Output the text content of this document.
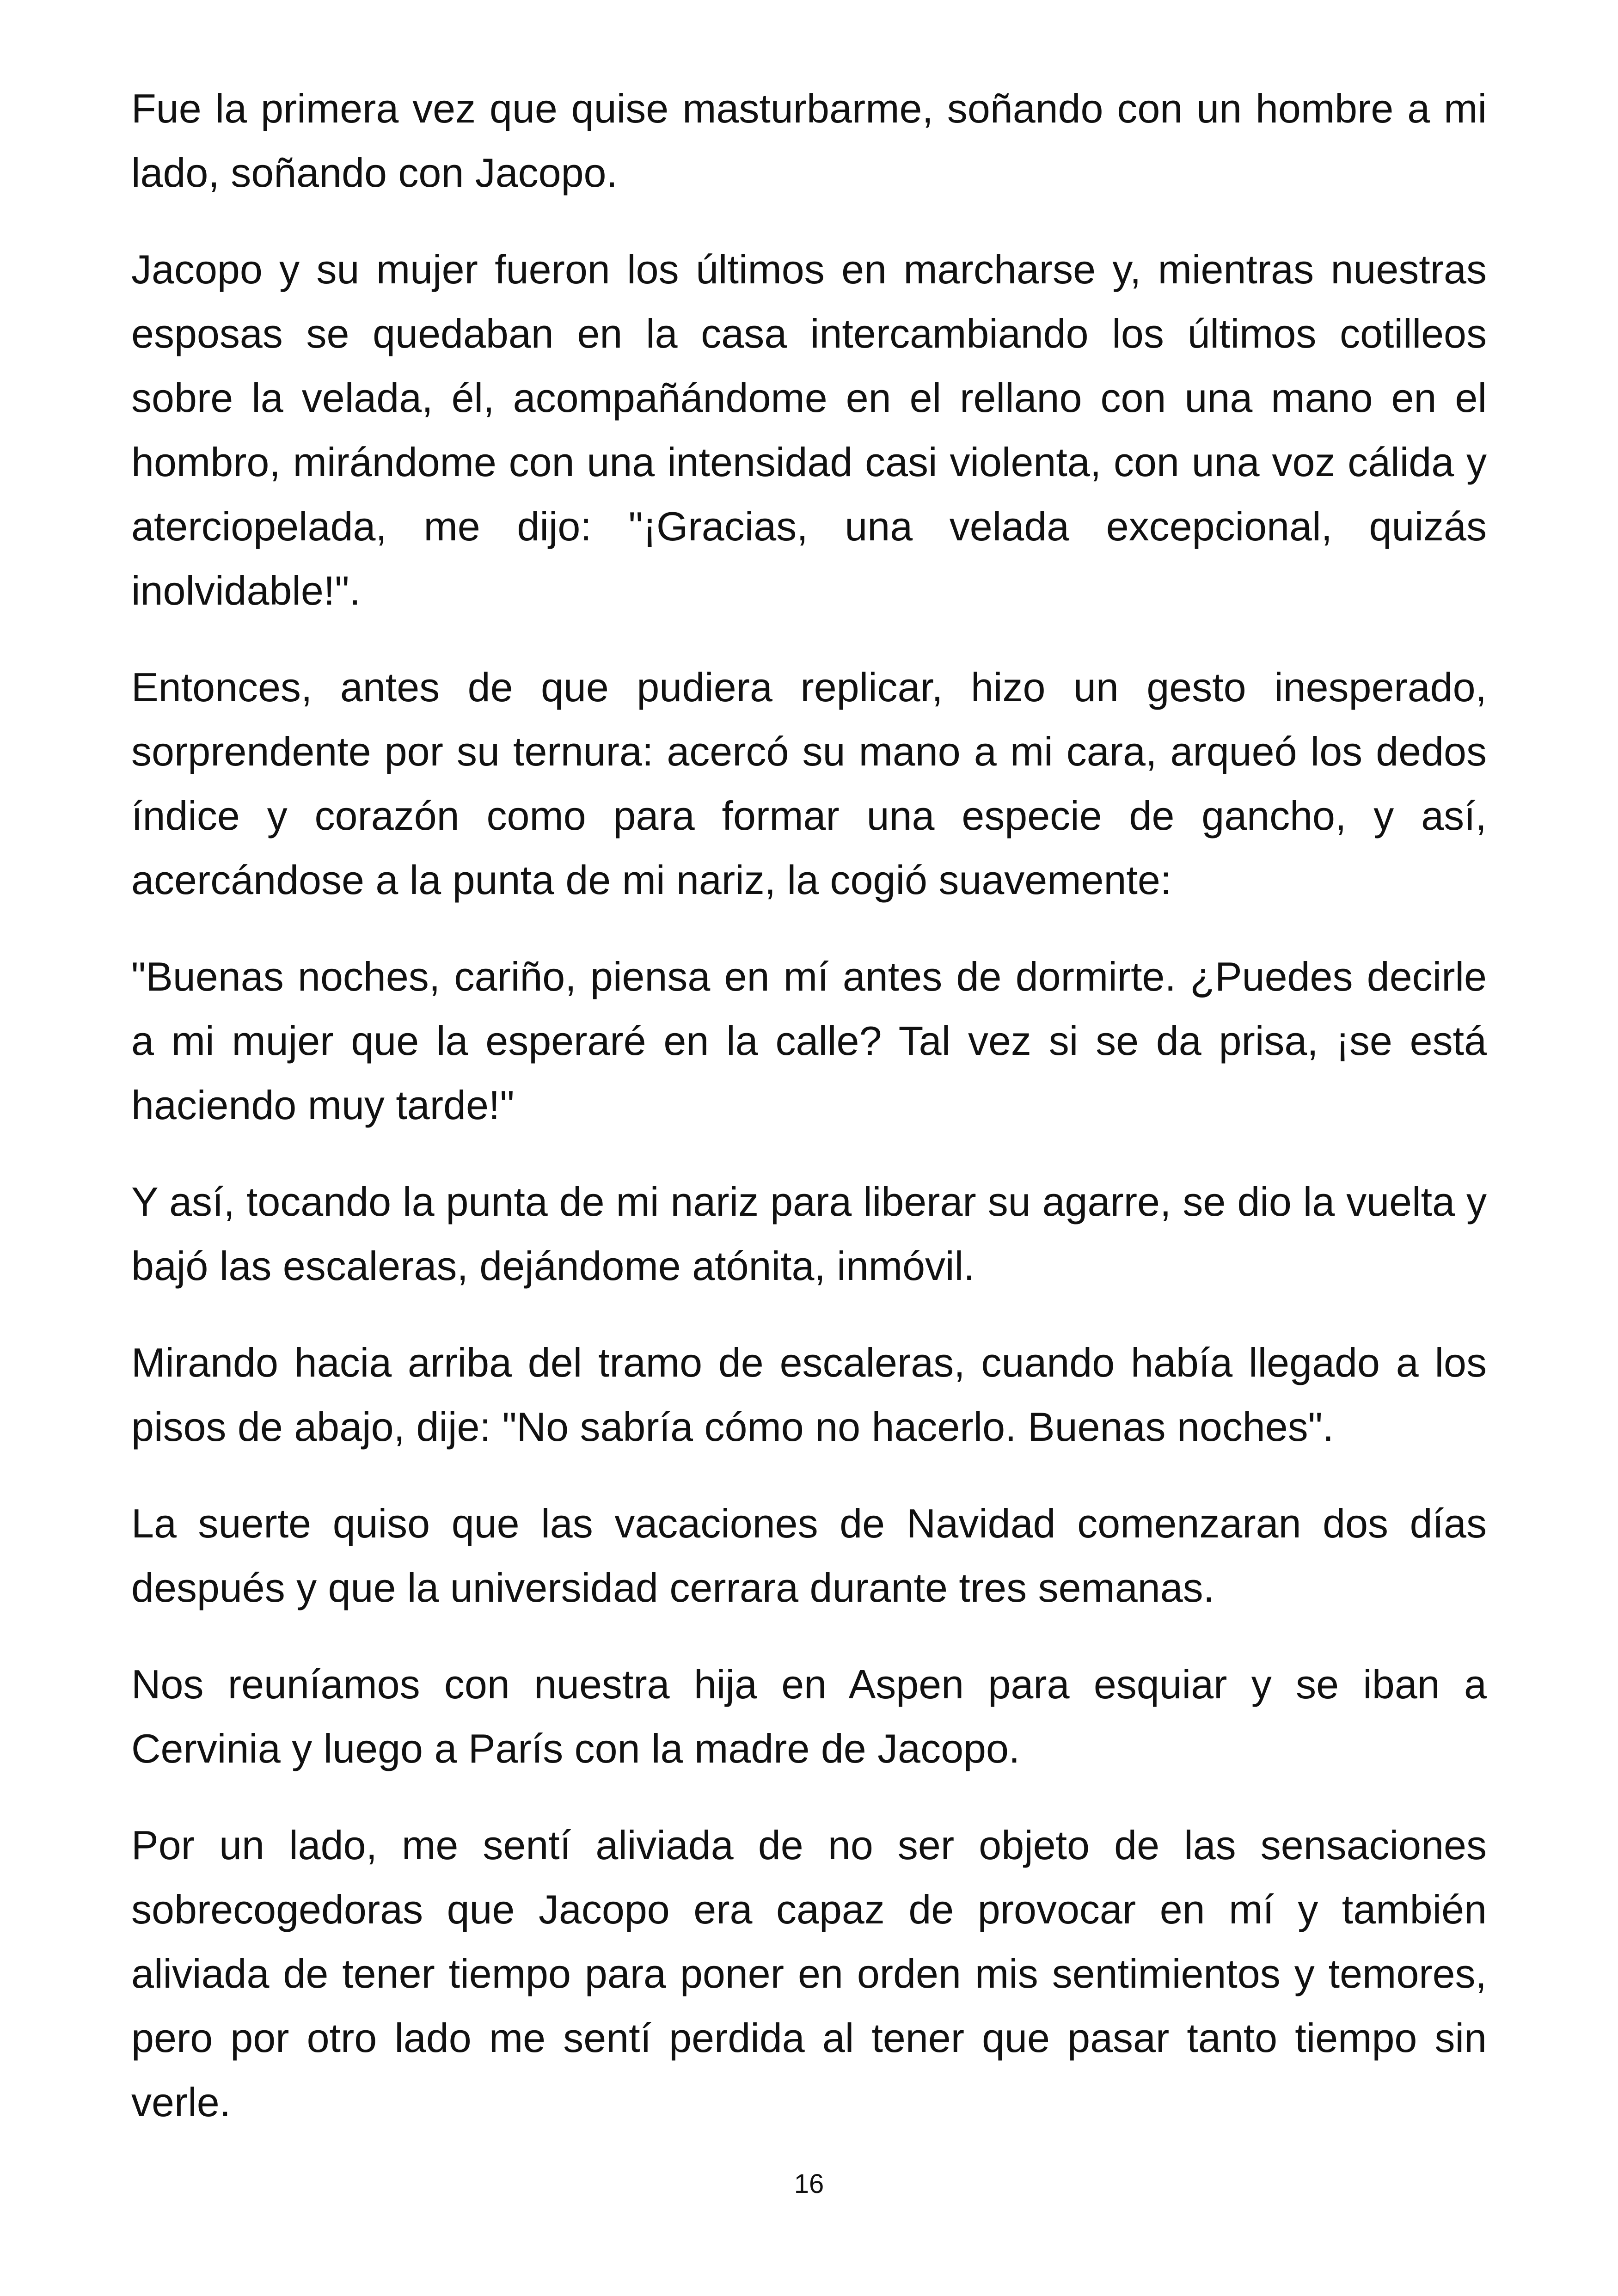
Fue la primera vez que quise masturbarme, soñando con un hombre a mi lado, soñando con Jacopo.

Jacopo y su mujer fueron los últimos en marcharse y, mientras nuestras esposas se quedaban en la casa intercambiando los últimos cotilleos sobre la velada, él, acompañándome en el rellano con una mano en el hombro, mirándome con una intensidad casi violenta, con una voz cálida y aterciopelada, me dijo: "¡Gracias, una velada excepcional, quizás inolvidable!".

Entonces, antes de que pudiera replicar, hizo un gesto inesperado, sorprendente por su ternura: acercó su mano a mi cara, arqueó los dedos índice y corazón como para formar una especie de gancho, y así, acercándose a la punta de mi nariz, la cogió suavemente:

"Buenas noches, cariño, piensa en mí antes de dormirte. ¿Puedes decirle a mi mujer que la esperaré en la calle? Tal vez si se da prisa, ¡se está haciendo muy tarde!"

Y así, tocando la punta de mi nariz para liberar su agarre, se dio la vuelta y bajó las escaleras, dejándome atónita, inmóvil.

Mirando hacia arriba del tramo de escaleras, cuando había llegado a los pisos de abajo, dije: "No sabría cómo no hacerlo. Buenas noches".

La suerte quiso que las vacaciones de Navidad comenzaran dos días después y que la universidad cerrara durante tres semanas.

Nos reuníamos con nuestra hija en Aspen para esquiar y se iban a Cervinia y luego a París con la madre de Jacopo.

Por un lado, me sentí aliviada de no ser objeto de las sensaciones sobrecogedoras que Jacopo era capaz de provocar en mí y también aliviada de tener tiempo para poner en orden mis sentimientos y temores, pero por otro lado me sentí perdida al tener que pasar tanto tiempo sin verle.

16
